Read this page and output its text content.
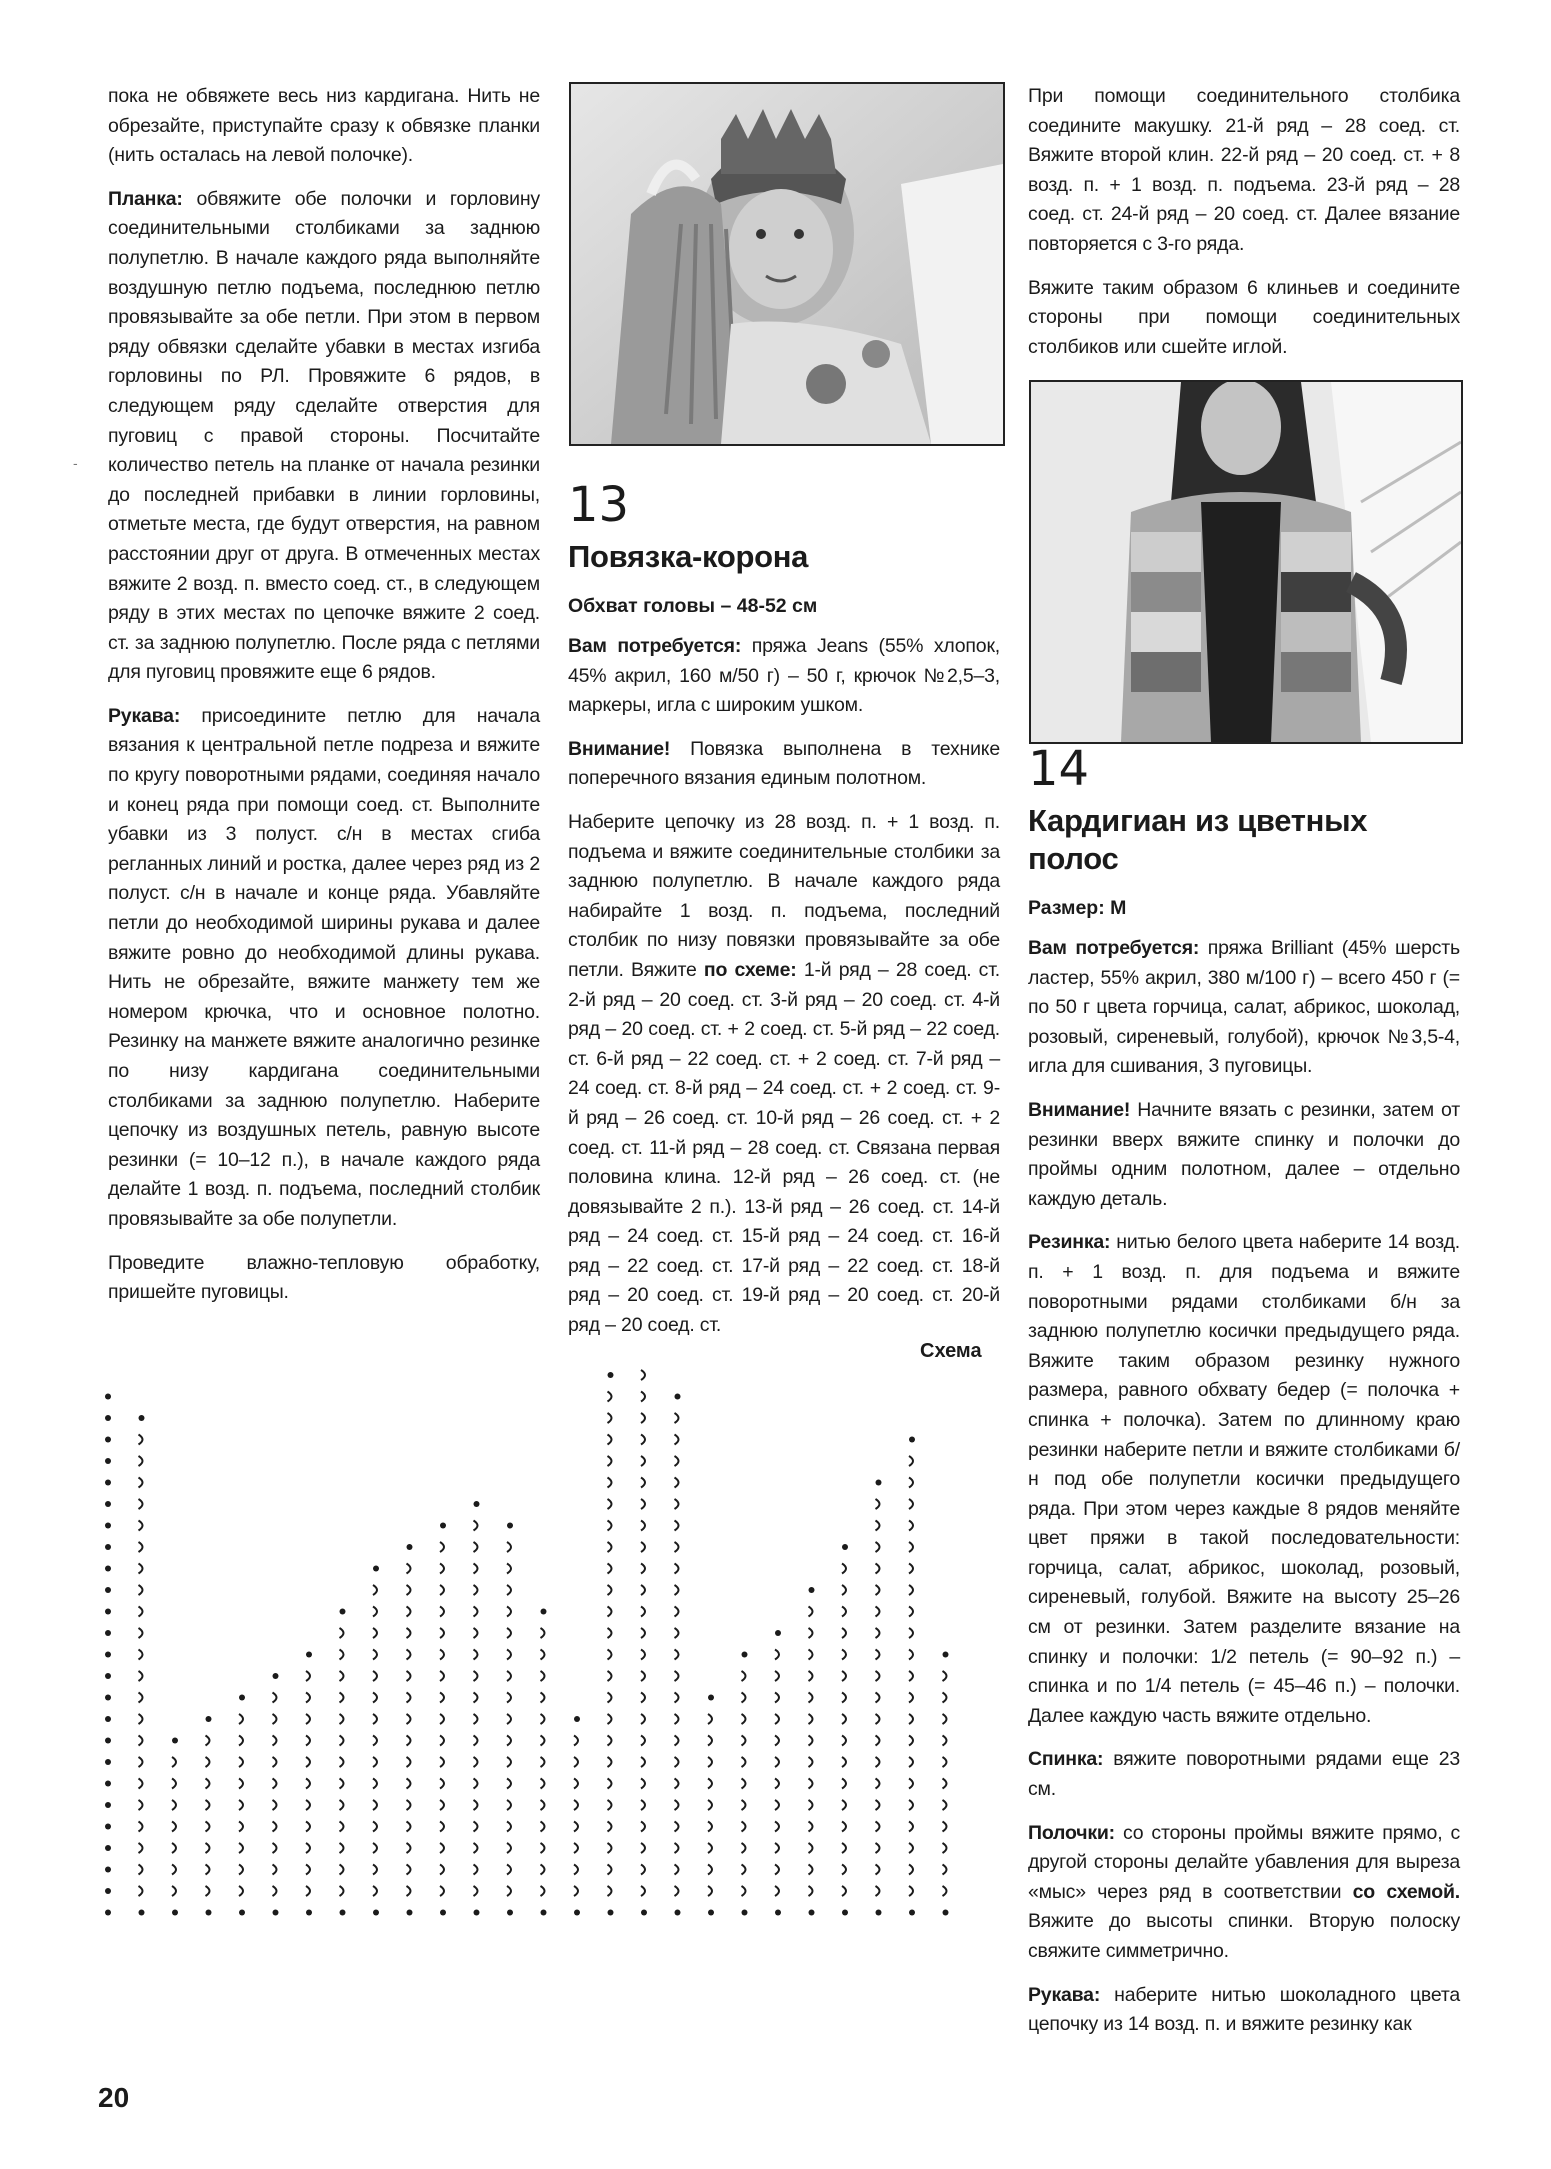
-

пока не обвяжете весь низ кардигана. Нить не обрезайте, приступайте сразу к обвязке планки (нить осталась на левой полочке).

Планка: обвяжите обе полочки и горловину соединительными столбиками за заднюю полупетлю. В начале каждого ряда выполняйте воздушную петлю подъема, последнюю петлю провязывайте за обе петли. При этом в первом ряду обвязки сделайте убавки в местах изгиба горловины по РЛ. Провяжите 6 рядов, в следующем ряду сделайте отверстия для пуговиц с правой стороны. Посчитайте количество петель на планке от начала резинки до последней прибавки в линии горловины, отметьте места, где будут отверстия, на равном расстоянии друг от друга. В отмеченных местах вяжите 2 возд. п. вместо соед. ст., в следующем ряду в этих местах по цепочке вяжите 2 соед. ст. за заднюю полупетлю. После ряда с петлями для пуговиц провяжите еще 6 рядов.

Рукава: присоедините петлю для начала вязания к центральной петле подреза и вяжите по кругу поворотными рядами, соединяя начало и конец ряда при помощи соед. ст. Выполните убавки из 3 полуст. с/н в местах сгиба регланных линий и ростка, далее через ряд из 2 полуст. с/н в начале и конце ряда. Убавляйте петли до необходимой ширины рукава и далее вяжите ровно до необходимой длины рукава. Нить не обрезайте, вяжите манжету тем же номером крючка, что и основное полотно. Резинку на манжете вяжите аналогично резинке по низу кардигана соединительными столбиками за заднюю полупетлю. Наберите цепочку из воздушных петель, равную высоте резинки (= 10–12 п.), в начале каждого ряда делайте 1 возд. п. подъема, последний столбик провязывайте за обе полупетли.

Проведите влажно-тепловую обработку, пришейте пуговицы.

13
Повязка-корона

Обхват головы – 48-52 см

Вам потребуется: пряжа Jeans (55% хлопок, 45% акрил, 160 м/50 г) – 50 г, крючок №2,5–3, маркеры, игла с широким ушком.

Внимание! Повязка выполнена в технике поперечного вязания единым полотном.

Наберите цепочку из 28 возд. п. + 1 возд. п. подъема и вяжите соединительные столбики за заднюю полупетлю. В начале каждого ряда набирайте 1 возд. п. подъема, последний столбик по низу повязки провязывайте за обе петли. Вяжите по схеме: 1-й ряд – 28 соед. ст. 2-й ряд – 20 соед. ст. 3-й ряд – 20 соед. ст. 4-й ряд – 20 соед. ст. + 2 соед. ст. 5-й ряд – 22 соед. ст. 6-й ряд – 22 соед. ст. + 2 соед. ст. 7-й ряд – 24 соед. ст. 8-й ряд – 24 соед. ст. + 2 соед. ст. 9-й ряд – 26 соед. ст. 10-й ряд – 26 соед. ст. + 2 соед. ст. 11-й ряд – 28 соед. ст. Связана первая половина клина. 12-й ряд – 26 соед. ст. (не довязывайте 2 п.). 13-й ряд – 26 соед. ст. 14-й ряд – 24 соед. ст. 15-й ряд – 24 соед. ст. 16-й ряд – 22 соед. ст. 17-й ряд – 22 соед. ст. 18-й ряд – 20 соед. ст. 19-й ряд – 20 соед. ст. 20-й ряд – 20 соед. ст.

Схема

При помощи соединительного столбика соедините макушку. 21-й ряд – 28 соед. ст. Вяжите второй клин. 22-й ряд – 20 соед. ст. + 8 возд. п. + 1 возд. п. подъема. 23-й ряд – 28 соед. ст. 24-й ряд – 20 соед. ст. Далее вязание повторяется с 3-го ряда.

Вяжите таким образом 6 клиньев и соедините стороны при помощи соединительных столбиков или сшейте иглой.

14
Кардигиан из цветных полос

Размер: М

Вам потребуется: пряжа Brilliant (45% шерсть ластер, 55% акрил, 380 м/100 г) – всего 450 г (= по 50 г цвета горчица, салат, абрикос, шоколад, розовый, сиреневый, голубой), крючок №3,5-4, игла для сшивания, 3 пуговицы.

Внимание! Начните вязать с резинки, затем от резинки вверх вяжите спинку и полочки до проймы одним полотном, далее – отдельно каждую деталь.

Резинка: нитью белого цвета наберите 14 возд. п. + 1 возд. п. для подъема и вяжите поворотными рядами столбиками б/н за заднюю полупетлю косички предыдущего ряда. Вяжите таким образом резинку нужного размера, равного обхвату бедер (= полочка + спинка + полочка). Затем по длинному краю резинки наберите петли и вяжите столбиками б/н под обе полупетли косички предыдущего ряда. При этом через каждые 8 рядов меняйте цвет пряжи в такой последовательности: горчица, салат, абрикос, шоколад, розовый, сиреневый, голубой. Вяжите на высоту 25–26 см от резинки. Затем разделите вязание на спинку и полочки: 1/2 петель (= 90–92 п.) – спинка и по 1/4 петель (= 45–46 п.) – полочки. Далее каждую часть вяжите отдельно.

Спинка: вяжите поворотными рядами еще 23 см.

Полочки: со стороны проймы вяжите прямо, с другой стороны делайте убавления для выреза «мыс» через ряд в соответствии со схемой. Вяжите до высоты спинки. Вторую полоску свяжите симметрично.

Рукава: наберите нитью шоколадного цвета цепочку из 14 возд. п. и вяжите резинку как

20
